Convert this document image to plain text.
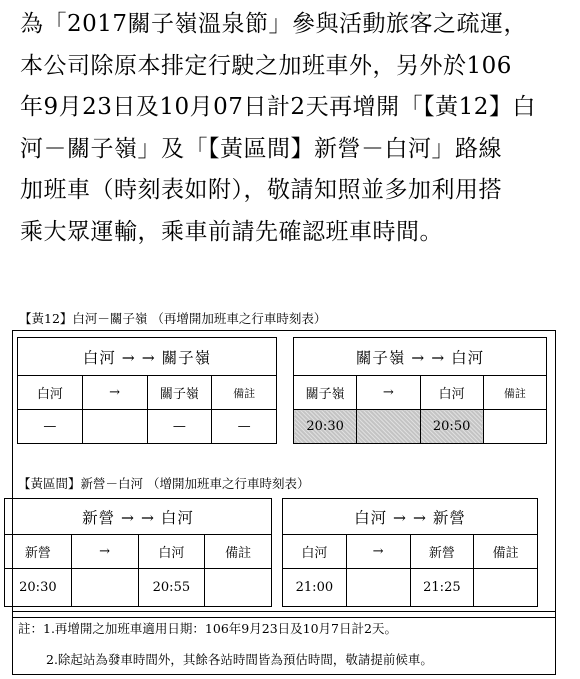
為「2017關子嶺溫泉節」參與活動旅客之疏運，
本公司除原本排定行駛之加班車外，另外於106
年9月23日及10月07日計2天再增開「【黃12】白
河－關子嶺」及「【黃區間】新營－白河」路線
加班車（時刻表如附），敬請知照並多加利用搭
乘大眾運輸，乘車前請先確認班車時間。
【黃12】白河－關子嶺 （再增開加班車之行車時刻表）
白河 → → 關子嶺			
白河	→	關子嶺	備註
—		—	—
關子嶺 → → 白河			
關子嶺	→	白河	備註
20:30		20:50	
【黃區間】新營－白河 （增開加班車之行車時刻表）
新營 → → 白河			
新營	→	白河	備註
20:30		20:55	
白河 → → 新營			
白河	→	新營	備註
21:00		21:25	
註：1.再增開之加班車適用日期：106年9月23日及10月7日計2天。
2.除起站為發車時間外，其餘各站時間皆為預估時間，敬請提前候車。
